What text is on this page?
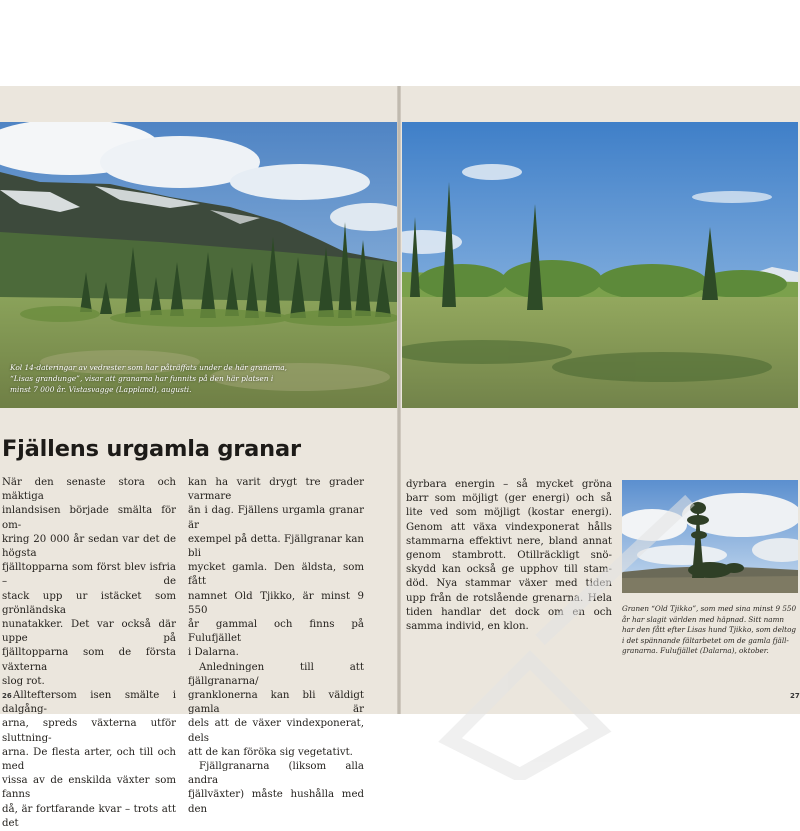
Kol 14-dateringar av vedrester som har påträffats under de här granarna,
“Lisas grandunge”, visar att granarna har funnits på den här platsen i
minst 7 000 år. Vistasvagge (Lappland), augusti.
Fjällens urgamla granar
När den senaste stora och mäktiga
inlandsisen började smälta för om-
kring 20 000 år sedan var det de högsta
fjälltopparna som först blev isfria – de
stack upp ur istäcket som grönländska
nunatakker. Det var också där uppe på
fjälltopparna som de första växterna
slog rot.
Allteftersom isen smälte i dalgång-
arna, spreds växterna utför sluttning-
arna. De flesta arter, och till och med
vissa av de enskilda växter som fanns
då, är fortfarande kvar – trots att det
kan ha varit drygt tre grader varmare
än i dag. Fjällens urgamla granar är
exempel på detta. Fjällgranar kan bli
mycket gamla. Den äldsta, som fått
namnet Old Tjikko, är minst 9 550
år gammal och finns på Fulufjället
i Dalarna.
Anledningen till att fjällgranarna/
granklonerna kan bli väldigt gamla är
dels att de växer vindexponerat, dels
att de kan föröka sig vegetativt.
Fjällgranarna (liksom alla andra
fjällväxter) måste hushålla med den
dyrbara energin – så mycket gröna
barr som möjligt (ger energi) och så
lite ved som möjligt (kostar energi).
Genom att växa vindexponerat hålls
stammarna effektivt nere, bland annat
genom stambrott. Otillräckligt snö-
skydd kan också ge upphov till stam-
död. Nya stammar växer med tiden
upp från de rotslående grenarna. Hela
tiden handlar det dock om en och
samma individ, en klon.
Granen “Old Tjikko”, som med sina minst 9 550
år har slagit världen med häpnad. Sitt namn
har den fått efter Lisas hund Tjikko, som deltog
i det spännande fältarbetet om de gamla fjäll-
granarna. Fulufjället (Dalarna), oktober.
26	27
